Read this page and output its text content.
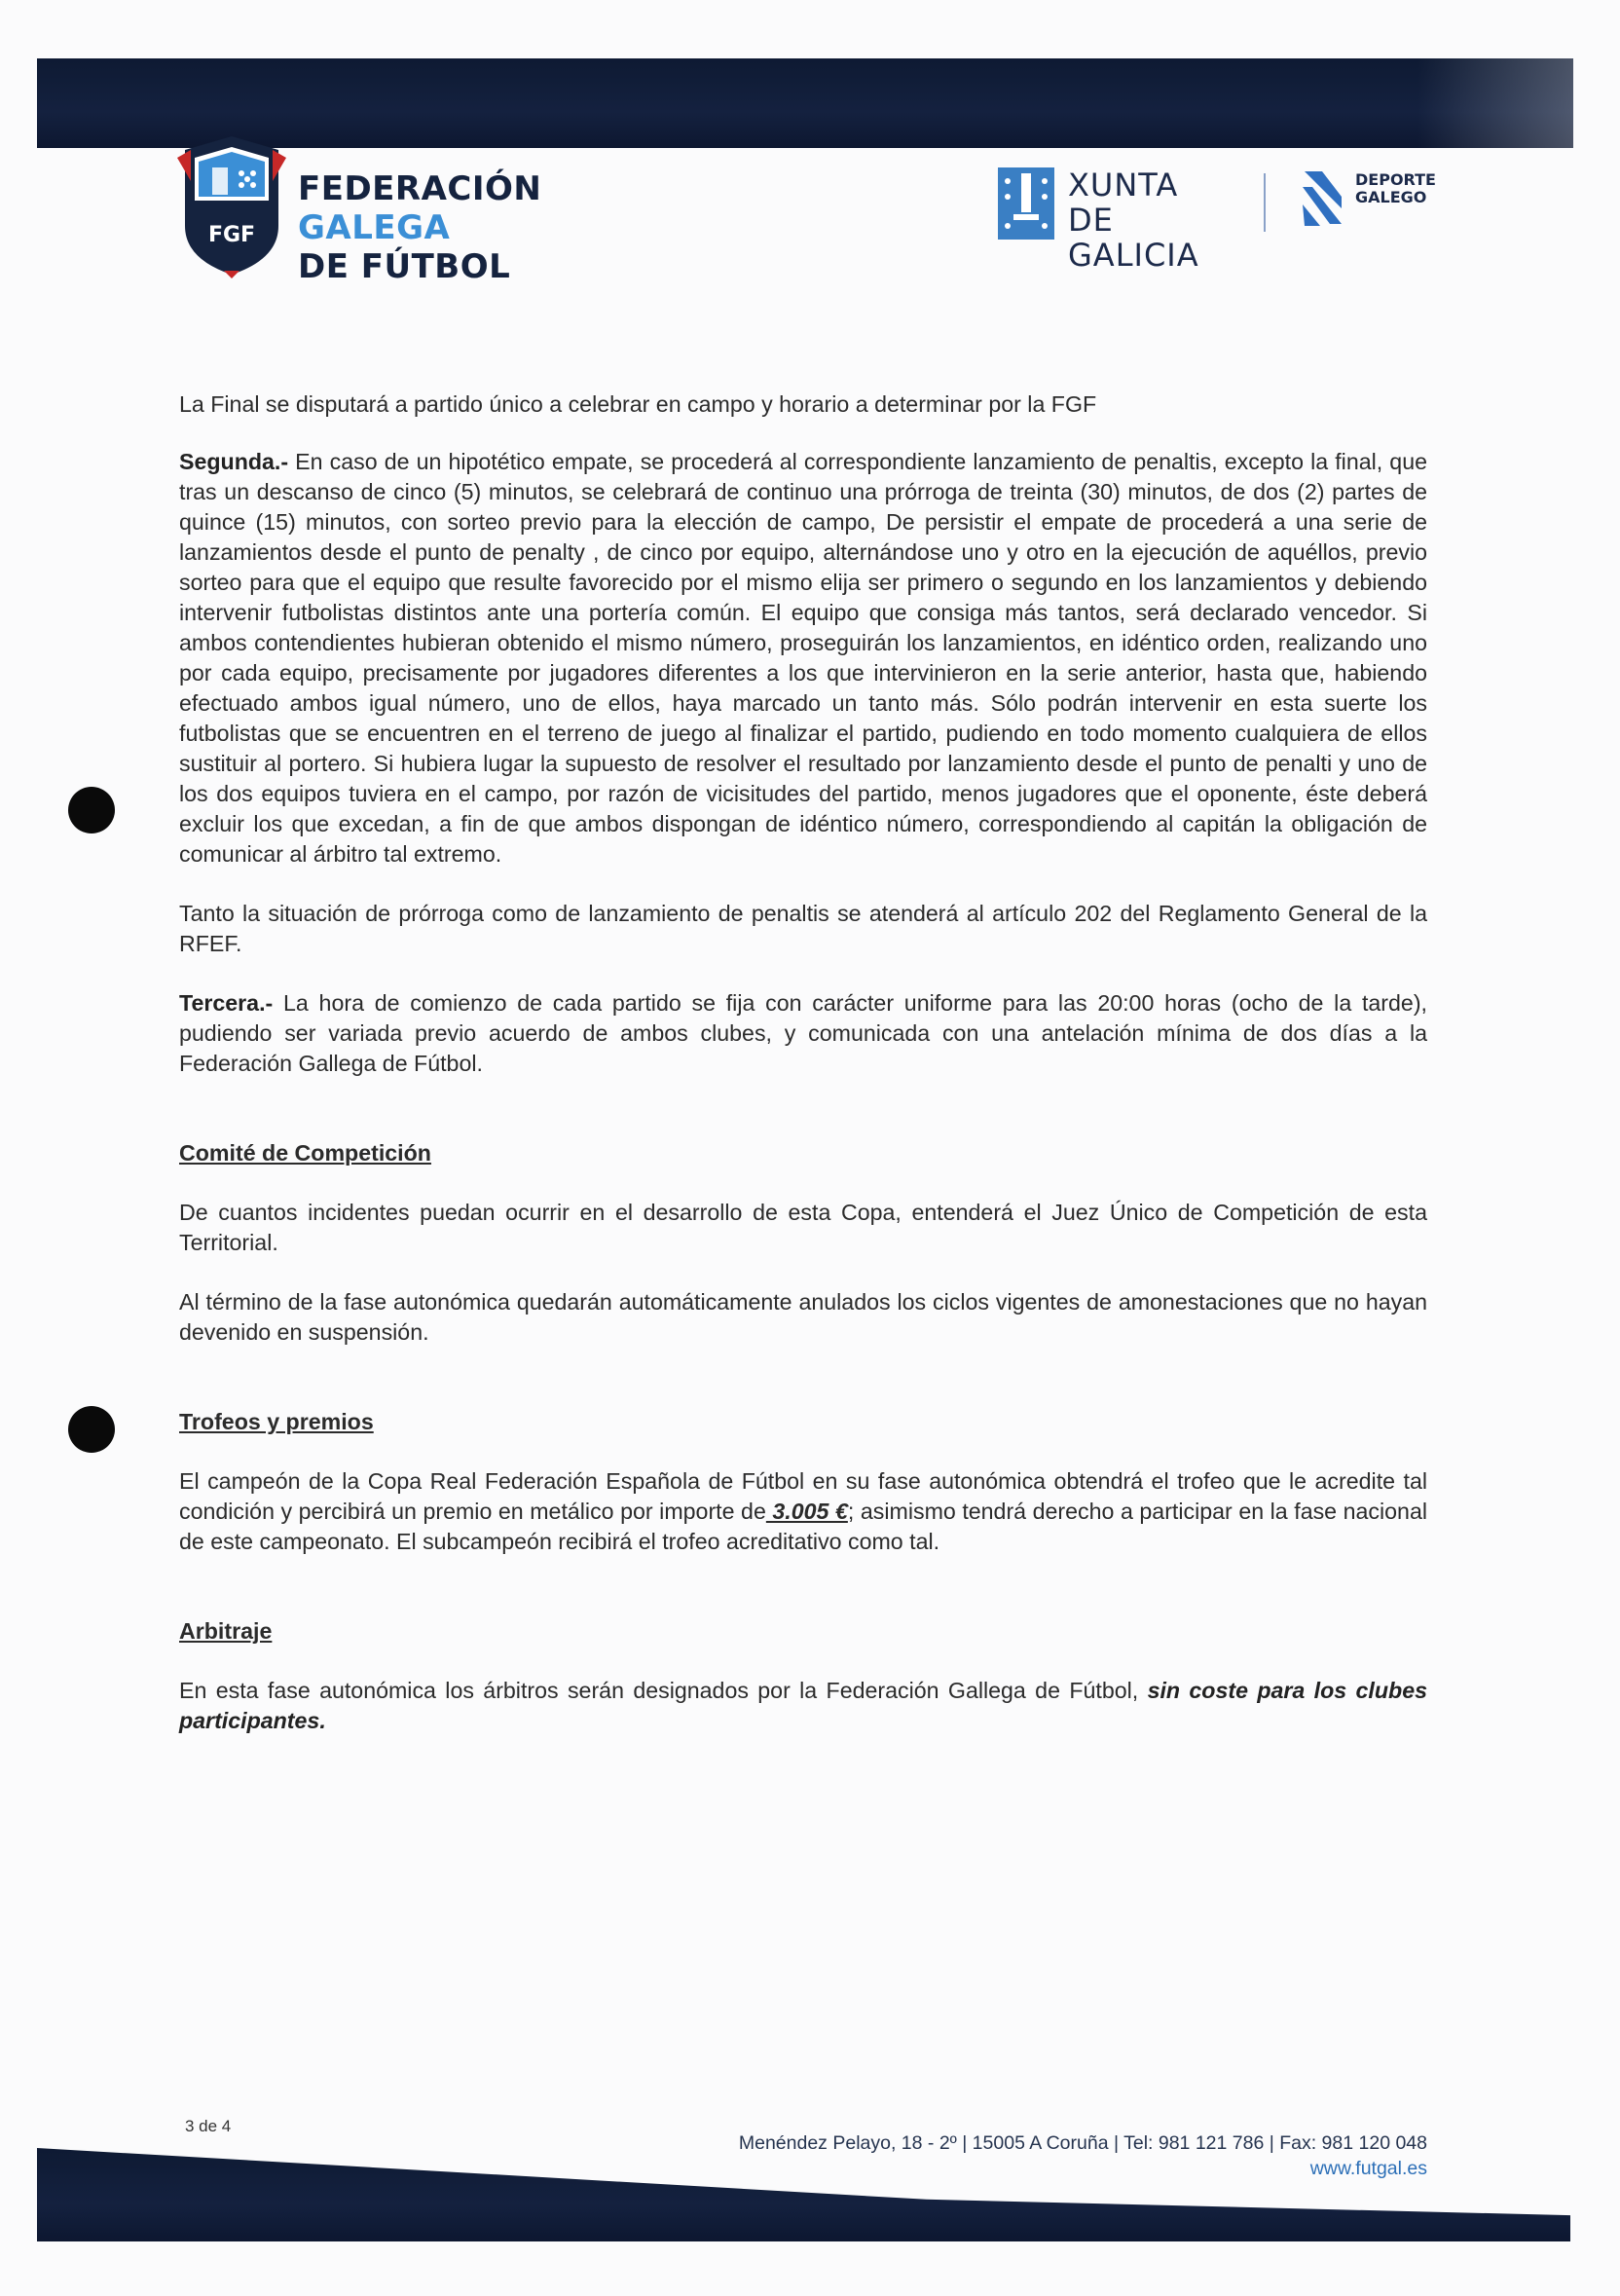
FGF
FEDERACIÓN GALEGA
DE FÚTBOL
XUNTA
DE GALICIA
DEPORTE
GALEGO

La Final se disputará a partido único a celebrar en campo y horario a determinar por la FGF

Segunda.- En caso de un hipotético empate, se procederá al correspondiente lanzamiento de penaltis, excepto la final, que tras un descanso de cinco (5) minutos, se celebrará de continuo una prórroga de treinta (30) minutos, de dos (2) partes de quince (15) minutos, con sorteo previo para la elección de campo, De persistir el empate de procederá a una serie de lanzamientos desde el punto de penalty , de cinco por equipo, alternándose uno y otro en la ejecución de aquéllos, previo sorteo para que el equipo que resulte favorecido por el mismo elija ser primero o segundo en los lanzamientos y debiendo intervenir futbolistas distintos ante una portería común. El equipo que consiga más tantos, será declarado vencedor. Si ambos contendientes hubieran obtenido el mismo número, proseguirán los lanzamientos, en idéntico orden, realizando uno por cada equipo, precisamente por jugadores diferentes a los que intervinieron en la serie anterior, hasta que, habiendo efectuado ambos igual número, uno de ellos, haya marcado un tanto más. Sólo podrán intervenir en esta suerte los futbolistas que se encuentren en el terreno de juego al finalizar el partido, pudiendo en todo momento cualquiera de ellos sustituir al portero. Si hubiera lugar la supuesto de resolver el resultado por lanzamiento desde el punto de penalti y uno de los dos equipos tuviera en el campo, por razón de vicisitudes del partido, menos jugadores que el oponente, éste deberá excluir los que excedan, a fin de que ambos dispongan de idéntico número, correspondiendo al capitán la obligación de comunicar al árbitro tal extremo.

Tanto la situación de prórroga como de lanzamiento de penaltis se atenderá al artículo 202 del Reglamento General de la RFEF.

Tercera.- La hora de comienzo de cada partido se fija con carácter uniforme para las 20:00 horas (ocho de la tarde), pudiendo ser variada previo acuerdo de ambos clubes, y comunicada con una antelación mínima de dos días a la Federación Gallega de Fútbol.

Comité de Competición

De cuantos incidentes puedan ocurrir en el desarrollo de esta Copa, entenderá el Juez Único de Competición de esta Territorial.

Al término de la fase autonómica quedarán automáticamente anulados los ciclos vigentes de amonestaciones que no hayan devenido en suspensión.

Trofeos y premios

El campeón de la Copa Real Federación Española de Fútbol en su fase autonómica obtendrá el trofeo que le acredite tal condición y percibirá un premio en metálico por importe de 3.005 €; asimismo tendrá derecho a participar en la fase nacional de este campeonato. El subcampeón recibirá el trofeo acreditativo como tal.

Arbitraje

En esta fase autonómica los árbitros serán designados por la Federación Gallega de Fútbol, sin coste para los clubes participantes.

3 de 4
Menéndez Pelayo, 18 - 2º | 15005 A Coruña | Tel: 981 121 786 | Fax: 981 120 048
www.futgal.es
